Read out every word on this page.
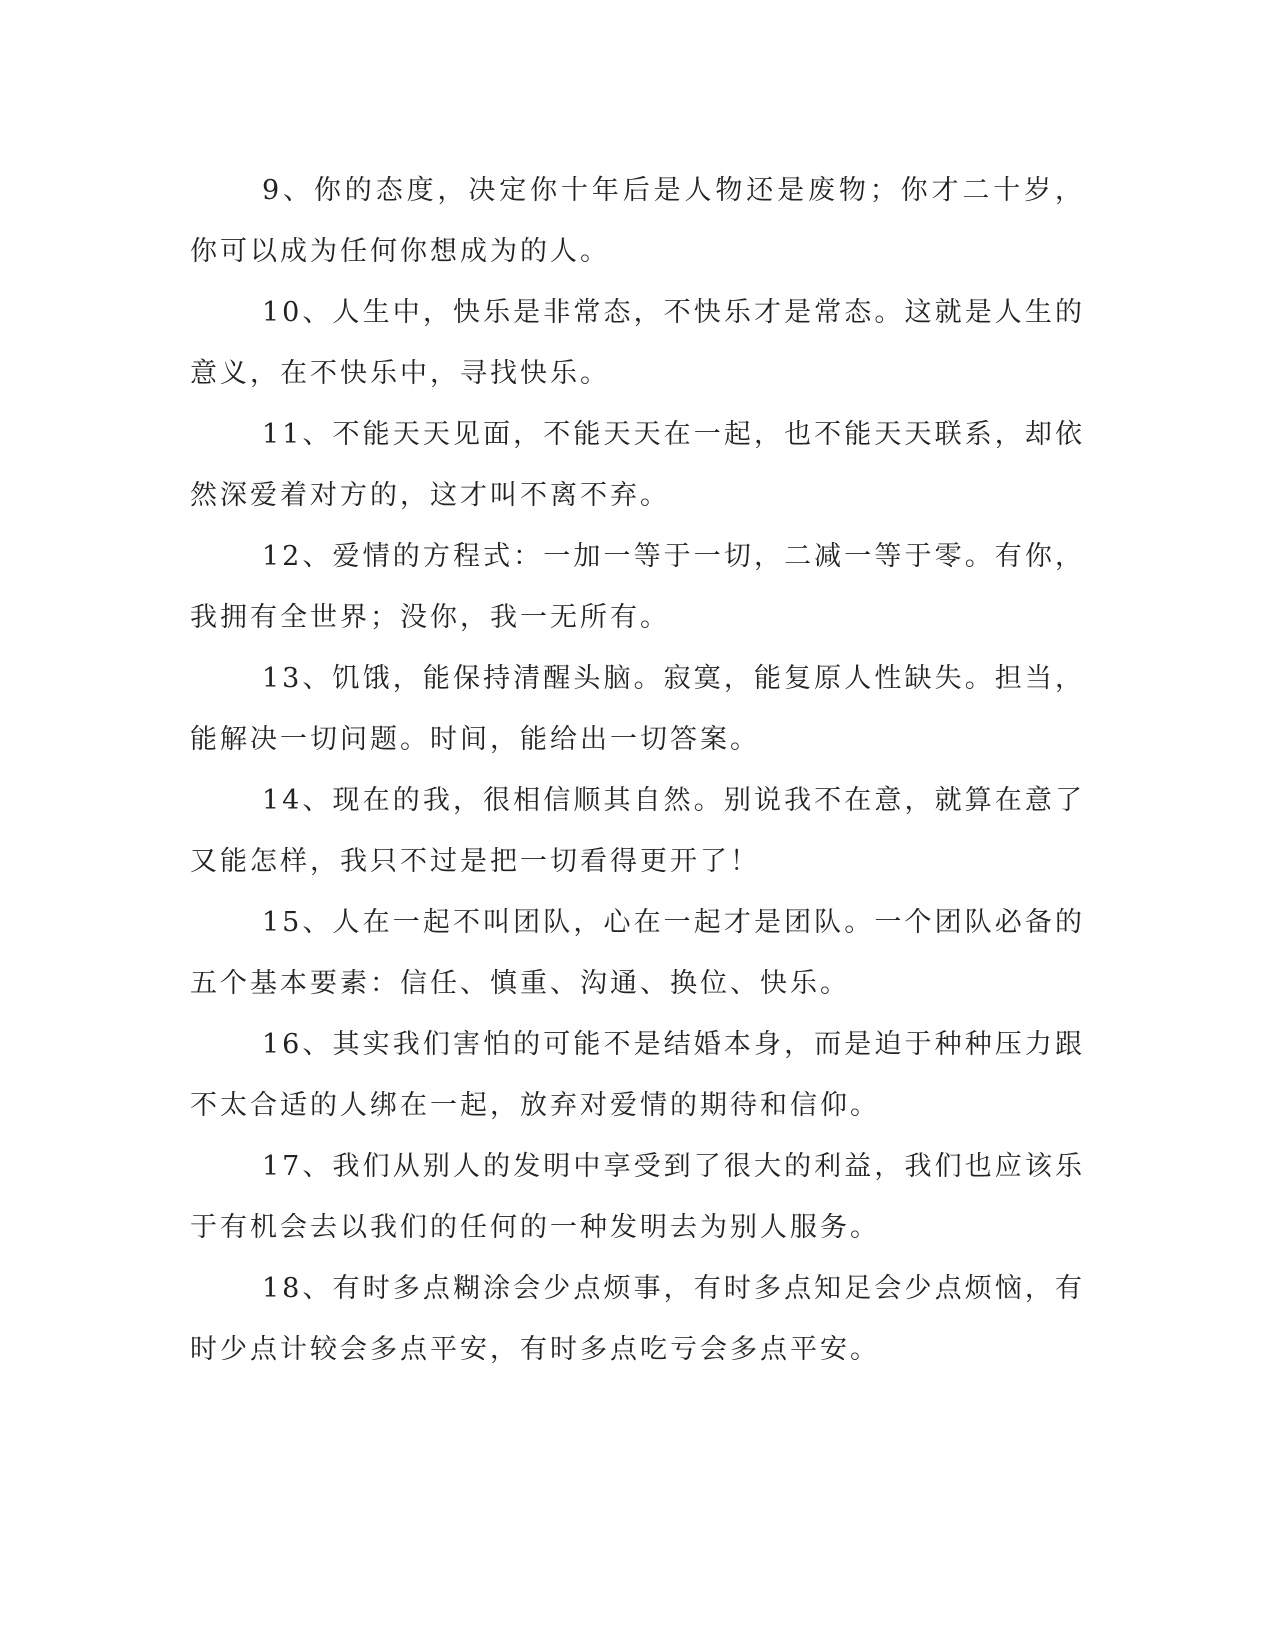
9、你的态度，决定你十年后是人物还是废物；你才二十岁，你可以成为任何你想成为的人。

10、人生中，快乐是非常态，不快乐才是常态。这就是人生的意义，在不快乐中，寻找快乐。

11、不能天天见面，不能天天在一起，也不能天天联系，却依然深爱着对方的，这才叫不离不弃。

12、爱情的方程式：一加一等于一切，二减一等于零。有你，我拥有全世界；没你，我一无所有。

13、饥饿，能保持清醒头脑。寂寞，能复原人性缺失。担当，能解决一切问题。时间，能给出一切答案。

14、现在的我，很相信顺其自然。别说我不在意，就算在意了又能怎样，我只不过是把一切看得更开了！

15、人在一起不叫团队，心在一起才是团队。一个团队必备的五个基本要素：信任、慎重、沟通、换位、快乐。

16、其实我们害怕的可能不是结婚本身，而是迫于种种压力跟不太合适的人绑在一起，放弃对爱情的期待和信仰。

17、我们从别人的发明中享受到了很大的利益，我们也应该乐于有机会去以我们的任何的一种发明去为别人服务。

18、有时多点糊涂会少点烦事，有时多点知足会少点烦恼，有时少点计较会多点平安，有时多点吃亏会多点平安。
